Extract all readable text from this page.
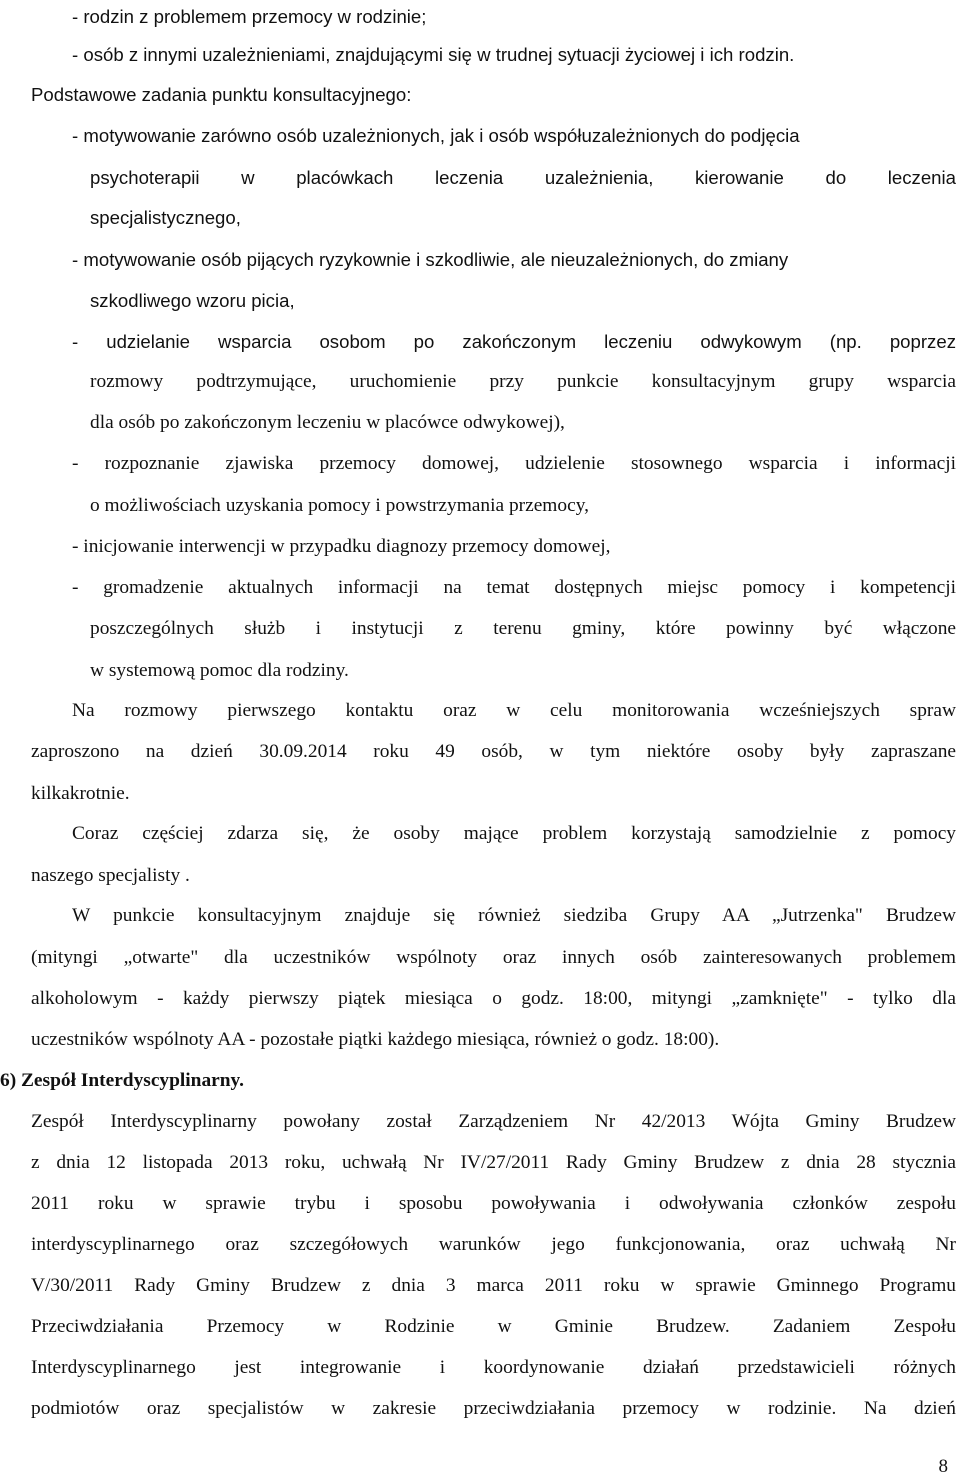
- rodzin z problemem przemocy w rodzinie;
- osób z innymi uzależnieniami, znajdującymi się w trudnej sytuacji życiowej i ich rodzin.
Podstawowe zadania punktu konsultacyjnego:
- motywowanie zarówno osób uzależnionych, jak i osób współuzależnionych do podjęcia
psychoterapii w placówkach leczenia uzależnienia, kierowanie do leczenia
specjalistycznego,
- motywowanie osób pijących ryzykownie i szkodliwie, ale nieuzależnionych, do zmiany
szkodliwego wzoru picia,
- udzielanie wsparcia osobom po zakończonym leczeniu odwykowym (np. poprzez
rozmowy podtrzymujące, uruchomienie przy punkcie konsultacyjnym grupy wsparcia
dla osób po zakończonym leczeniu w placówce odwykowej),
- rozpoznanie zjawiska przemocy domowej, udzielenie stosownego wsparcia i informacji
o możliwościach uzyskania pomocy i powstrzymania przemocy,
- inicjowanie interwencji w przypadku diagnozy przemocy domowej,
- gromadzenie aktualnych informacji na temat dostępnych miejsc pomocy i kompetencji
poszczególnych służb i instytucji z terenu gminy, które powinny być włączone
w systemową pomoc dla rodziny.
Na rozmowy pierwszego kontaktu oraz w celu monitorowania wcześniejszych spraw
zaproszono na dzień 30.09.2014 roku 49 osób, w tym niektóre osoby były zapraszane
kilkakrotnie.
Coraz częściej zdarza się, że osoby mające problem korzystają samodzielnie z pomocy
naszego specjalisty .
W punkcie konsultacyjnym znajduje się również siedziba Grupy AA „Jutrzenka" Brudzew
(mityngi „otwarte" dla uczestników wspólnoty oraz innych osób zainteresowanych problemem
alkoholowym - każdy pierwszy piątek miesiąca o godz. 18:00, mityngi „zamknięte" - tylko dla
uczestników wspólnoty AA - pozostałe piątki każdego miesiąca, również o godz. 18:00).
6) Zespół Interdyscyplinarny.
Zespół Interdyscyplinarny powołany został Zarządzeniem Nr 42/2013 Wójta Gminy Brudzew
z dnia 12 listopada 2013 roku, uchwałą Nr IV/27/2011 Rady Gminy Brudzew z dnia 28 stycznia
2011 roku w sprawie trybu i sposobu powoływania i odwoływania członków zespołu
interdyscyplinarnego oraz szczegółowych warunków jego funkcjonowania, oraz uchwałą Nr
V/30/2011 Rady Gminy Brudzew z dnia 3 marca 2011 roku w sprawie Gminnego Programu
Przeciwdziałania Przemocy w Rodzinie w Gminie Brudzew. Zadaniem Zespołu
Interdyscyplinarnego jest integrowanie i koordynowanie działań przedstawicieli różnych
podmiotów oraz specjalistów w zakresie przeciwdziałania przemocy w rodzinie. Na dzień
8
